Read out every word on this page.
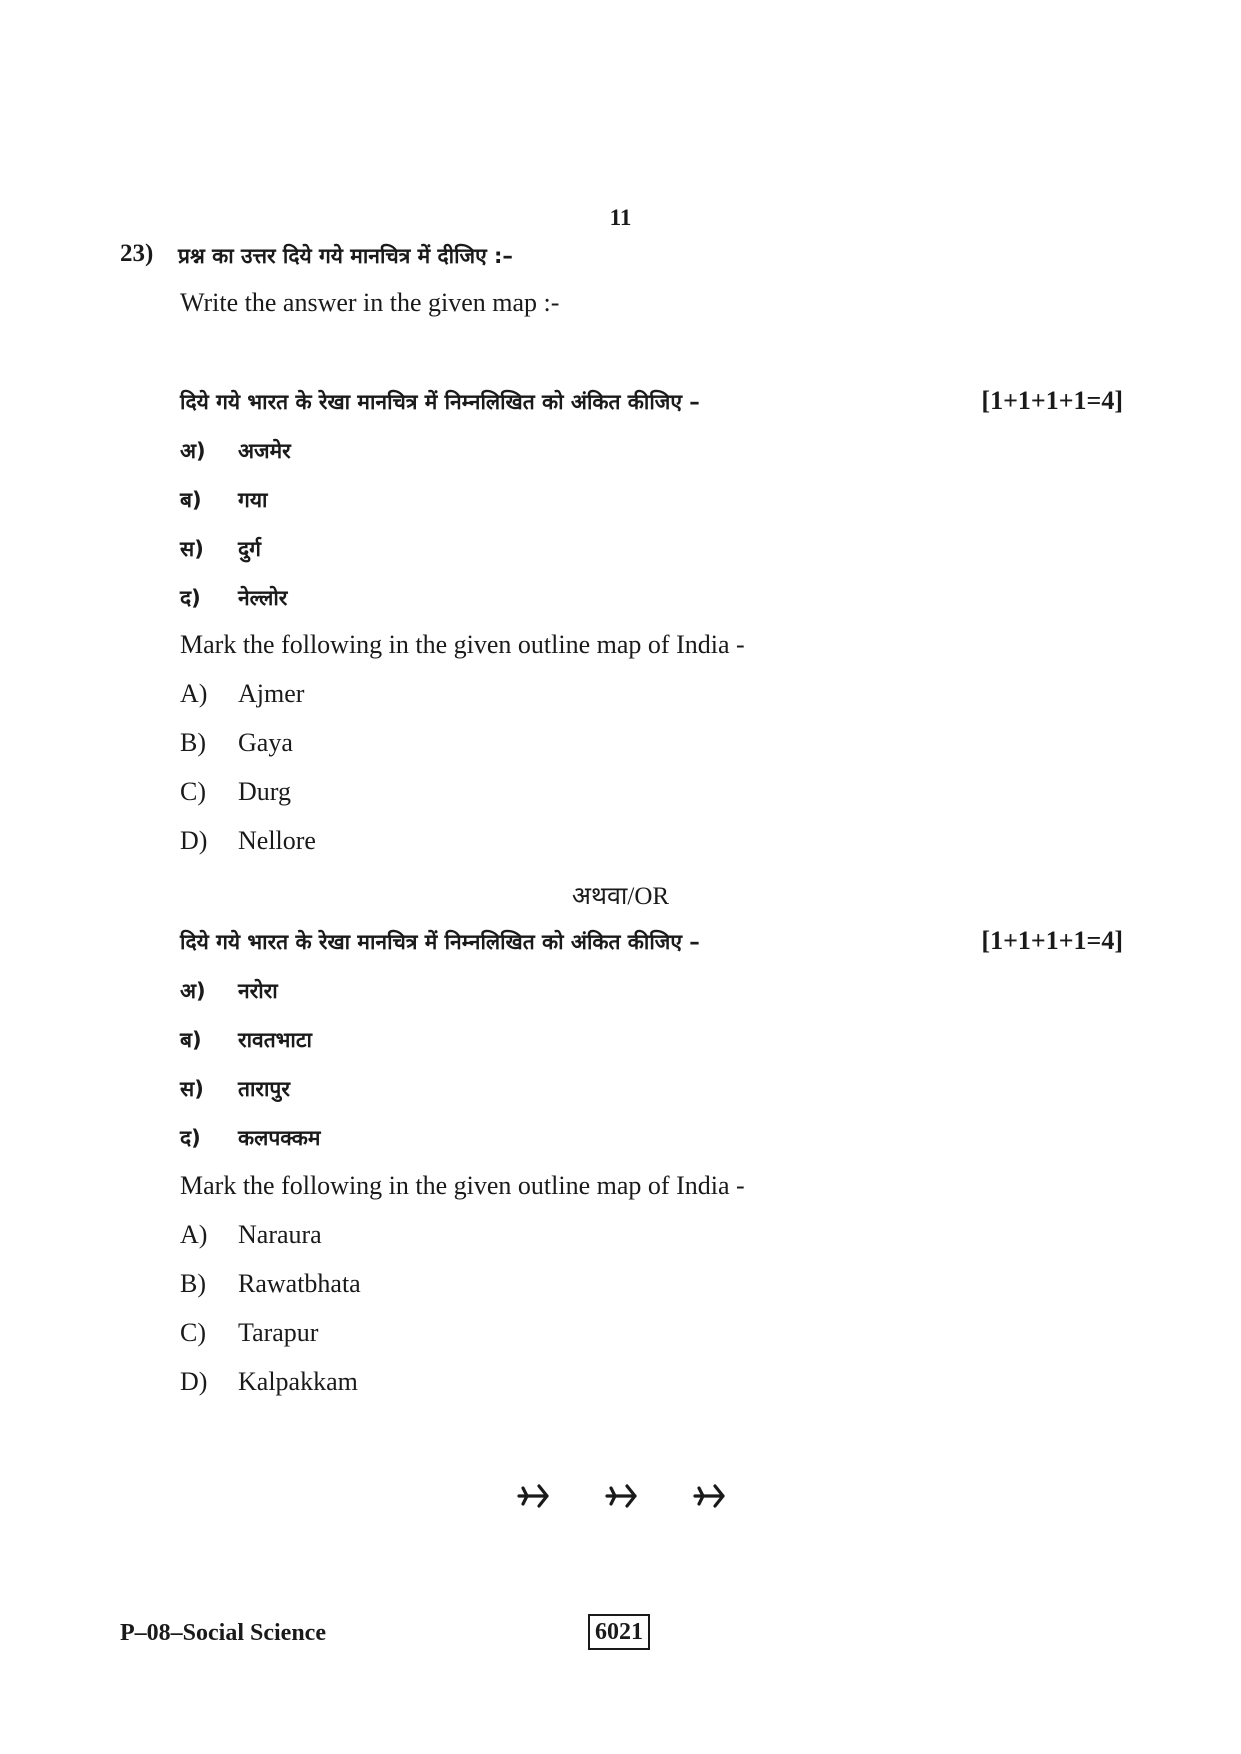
11
23) प्रश्न का उत्तर दिये गये मानचित्र में दीजिए :–
Write the answer in the given map :-
दिये गये भारत के रेखा मानचित्र में निम्नलिखित को अंकित कीजिए –	[1+1+1+1=4]
अ)	अजमेर
ब)	गया
स)	दुर्ग
द)	नेल्लोर
Mark the following in the given outline map of India -
A)	Ajmer
B)	Gaya
C)	Durg
D)	Nellore
अथवा/OR
दिये गये भारत के रेखा मानचित्र में निम्नलिखित को अंकित कीजिए –	[1+1+1+1=4]
अ)	नरोरा
ब)	रावतभाटा
स)	तारापुर
द)	कलपक्कम
Mark the following in the given outline map of India -
A)	Naraura
B)	Rawatbhata
C)	Tarapur
D)	Kalpakkam

P–08–Social Science	6021
